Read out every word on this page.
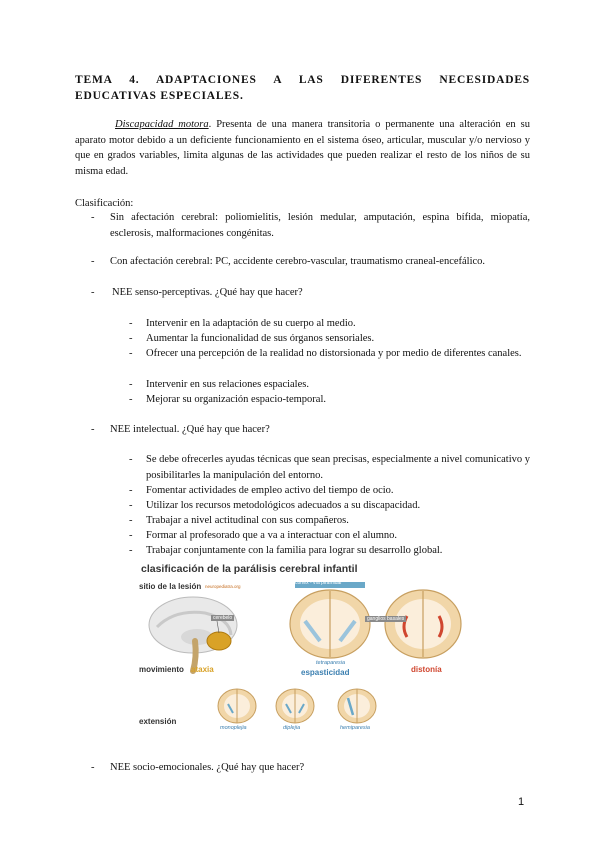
TEMA 4. ADAPTACIONES A LAS DIFERENTES NECESIDADES EDUCATIVAS ESPECIALES.
Discapacidad motora. Presenta de una manera transitoria o permanente una alteración en su aparato motor debido a un deficiente funcionamiento en el sistema óseo, articular, muscular y/o nervioso y que en grados variables, limita algunas de las actividades que pueden realizar el resto de los niños de su misma edad.
Clasificación:
- Sin afectación cerebral: poliomielitis, lesión medular, amputación, espina bífida, miopatía, esclerosis, malformaciones congénitas.
- Con afectación cerebral: PC, accidente cerebro-vascular, traumatismo craneal-encefálico.
- NEE senso-perceptivas. ¿Qué hay que hacer?
- Intervenir en la adaptación de su cuerpo al medio.
- Aumentar la funcionalidad de sus órganos sensoriales.
- Ofrecer una percepción de la realidad no distorsionada y por medio de diferentes canales.
- Intervenir en sus relaciones espaciales.
- Mejorar su organización espacio-temporal.
- NEE intelectual. ¿Qué hay que hacer?
- Se debe ofrecerles ayudas técnicas que sean precisas, especialmente a nivel comunicativo y posibilitarles la manipulación del entorno.
- Fomentar actividades de empleo activo del tiempo de ocio.
- Utilizar los recursos metodológicos adecuados a su discapacidad.
- Trabajar a nivel actitudinal con sus compañeros.
- Formar al profesorado que a va a interactuar con el alumno.
- Trabajar conjuntamente con la familia para lograr su desarrollo global.
clasificación de la parálisis cerebral infantil
sitio de la lesión neuropediatra.org
cerebelo
córtex - vía piramidal
ganglios basales
movimiento ataxia
tetraparesia
espasticidad	distonía
extensión
monoplejia	diplejia	hemiparesia
- NEE socio-emocionales. ¿Qué hay que hacer?
1
